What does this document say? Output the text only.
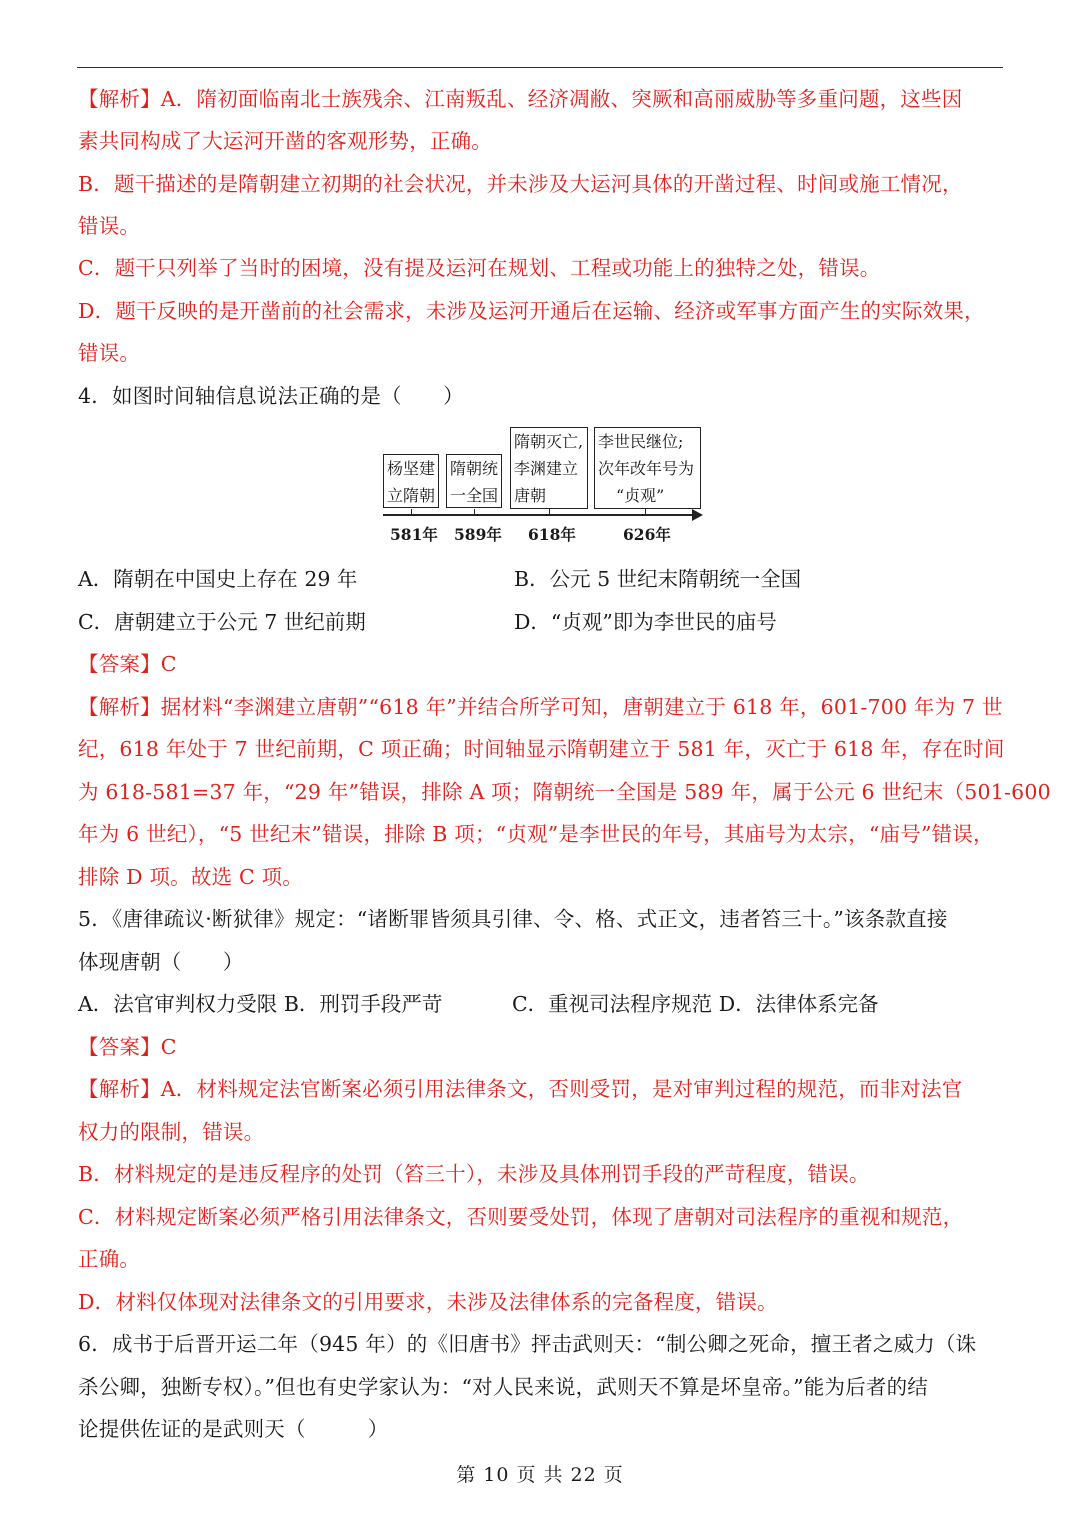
【解析】A．隋初面临南北士族残余、江南叛乱、经济凋敝、突厥和高丽威胁等多重问题，这些因
素共同构成了大运河开凿的客观形势，正确。
B．题干描述的是隋朝建立初期的社会状况，并未涉及大运河具体的开凿过程、时间或施工情况，
错误。
C．题干只列举了当时的困境，没有提及运河在规划、工程或功能上的独特之处，错误。
D．题干反映的是开凿前的社会需求，未涉及运河开通后在运输、经济或军事方面产生的实际效果，
错误。
4．如图时间轴信息说法正确的是（　　）
杨坚建
立隋朝
隋朝统
一全国
隋朝灭亡,
李渊建立
唐朝
李世民继位;
次年改年号为
“贞观”
581年 589年 618年	626年
A．隋朝在中国史上存在 29 年	B．公元 5 世纪末隋朝统一全国
C．唐朝建立于公元 7 世纪前期	D．“贞观”即为李世民的庙号
【答案】C
【解析】据材料“李渊建立唐朝”“618 年”并结合所学可知，唐朝建立于 618 年，601-700 年为 7 世
纪，618 年处于 7 世纪前期，C 项正确；时间轴显示隋朝建立于 581 年，灭亡于 618 年，存在时间
为 618-581=37 年，“29 年”错误，排除 A 项；隋朝统一全国是 589 年，属于公元 6 世纪末（501-600
年为 6 世纪），“5 世纪末”错误，排除 B 项；“贞观”是李世民的年号，其庙号为太宗，“庙号”错误，
排除 D 项。故选 C 项。
5．《唐律疏议·断狱律》规定：“诸断罪皆须具引律、令、格、式正文，违者笞三十。”该条款直接
体现唐朝（　　）
A．法官审判权力受限 B．刑罚手段严苛	C．重视司法程序规范 D．法律体系完备
【答案】C
【解析】A．材料规定法官断案必须引用法律条文，否则受罚，是对审判过程的规范，而非对法官
权力的限制，错误。
B．材料规定的是违反程序的处罚（笞三十），未涉及具体刑罚手段的严苛程度，错误。
C．材料规定断案必须严格引用法律条文，否则要受处罚，体现了唐朝对司法程序的重视和规范，
正确。
D．材料仅体现对法律条文的引用要求，未涉及法律体系的完备程度，错误。
6．成书于后晋开运二年（945 年）的《旧唐书》抨击武则天：“制公卿之死命，擅王者之威力（诛
杀公卿，独断专权）。”但也有史学家认为：“对人民来说，武则天不算是坏皇帝。”能为后者的结
论提供佐证的是武则天（　　　）
第 10 页 共 22 页
